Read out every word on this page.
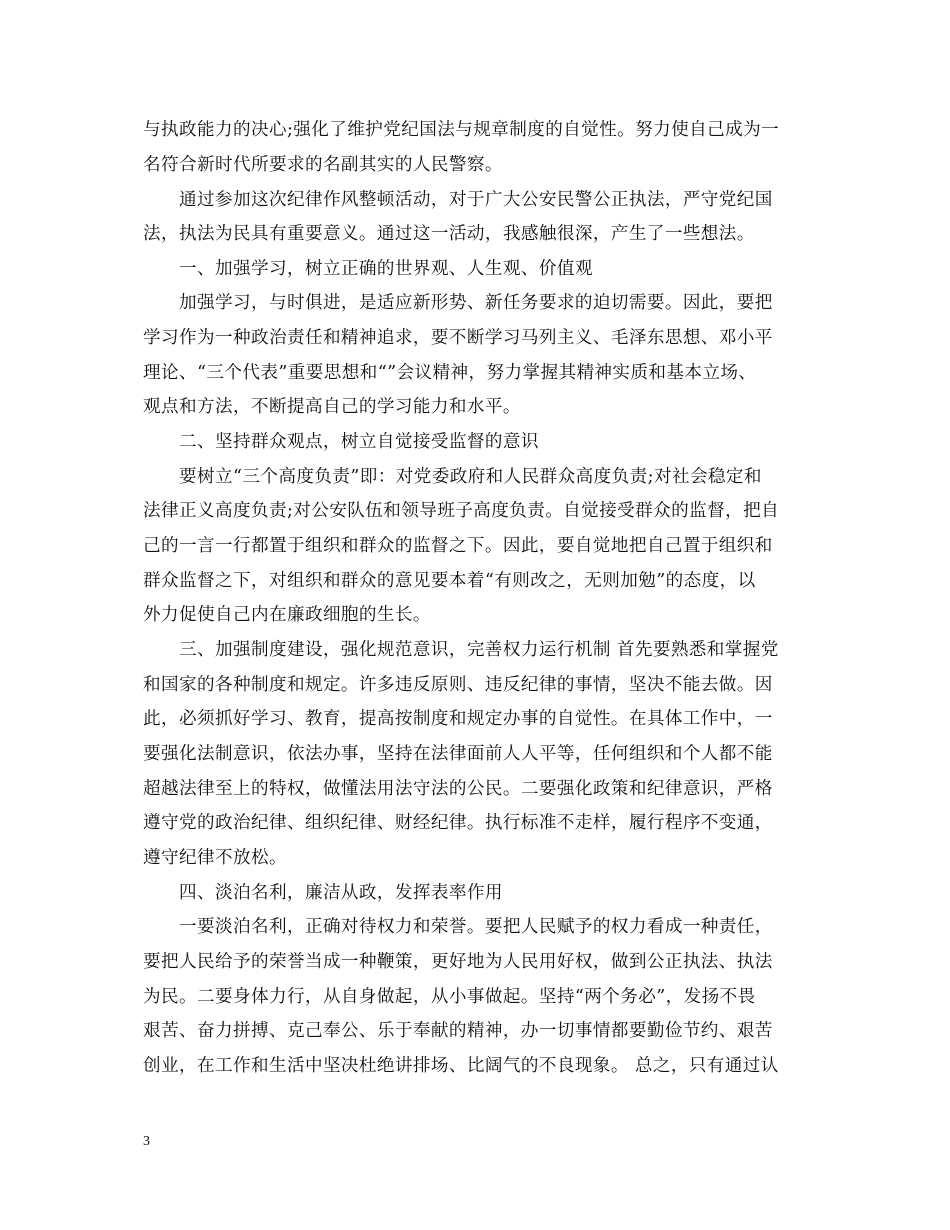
与执政能力的决心;强化了维护党纪国法与规章制度的自觉性。努力使自己成为一
名符合新时代所要求的名副其实的人民警察。
　　通过参加这次纪律作风整顿活动，对于广大公安民警公正执法，严守党纪国
法，执法为民具有重要意义。通过这一活动，我感触很深，产生了一些想法。
　　一、加强学习，树立正确的世界观、人生观、价值观
　　加强学习，与时俱进，是适应新形势、新任务要求的迫切需要。因此，要把
学习作为一种政治责任和精神追求，要不断学习马列主义、毛泽东思想、邓小平
理论、“三个代表”重要思想和“”会议精神，努力掌握其精神实质和基本立场、
观点和方法，不断提高自己的学习能力和水平。
　　二、坚持群众观点，树立自觉接受监督的意识
　　要树立“三个高度负责”即：对党委政府和人民群众高度负责;对社会稳定和
法律正义高度负责;对公安队伍和领导班子高度负责。自觉接受群众的监督，把自
己的一言一行都置于组织和群众的监督之下。因此，要自觉地把自己置于组织和
群众监督之下，对组织和群众的意见要本着“有则改之，无则加勉”的态度，以
外力促使自己内在廉政细胞的生长。
　　三、加强制度建设，强化规范意识，完善权力运行机制 首先要熟悉和掌握党
和国家的各种制度和规定。许多违反原则、违反纪律的事情，坚决不能去做。因
此，必须抓好学习、教育，提高按制度和规定办事的自觉性。在具体工作中，一
要强化法制意识，依法办事，坚持在法律面前人人平等，任何组织和个人都不能
超越法律至上的特权，做懂法用法守法的公民。二要强化政策和纪律意识，严格
遵守党的政治纪律、组织纪律、财经纪律。执行标准不走样，履行程序不变通，
遵守纪律不放松。
　　四、淡泊名利，廉洁从政，发挥表率作用
　　一要淡泊名利，正确对待权力和荣誉。要把人民赋予的权力看成一种责任，
要把人民给予的荣誉当成一种鞭策，更好地为人民用好权，做到公正执法、执法
为民。二要身体力行，从自身做起，从小事做起。坚持“两个务必”，发扬不畏
艰苦、奋力拼搏、克己奉公、乐于奉献的精神，办一切事情都要勤俭节约、艰苦
创业，在工作和生活中坚决杜绝讲排场、比阔气的不良现象。 总之，只有通过认
3
